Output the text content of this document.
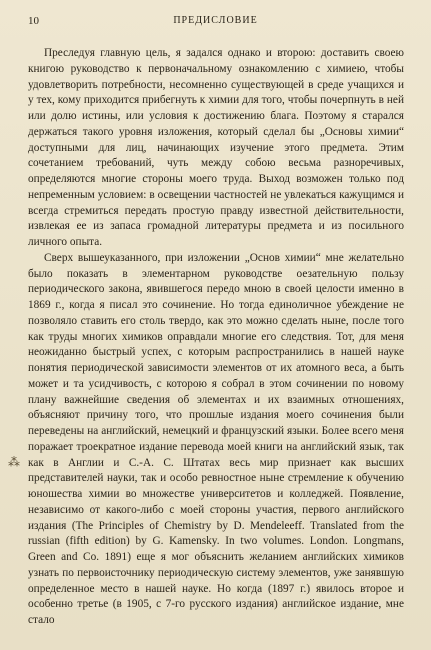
10	ПРЕДИСЛОВИЕ

Преследуя главную цель, я задался однако и второю: доставить своею книгою руководство к первоначальному ознакомлению с химиею, чтобы удовлетворить потребности, несомненно существующей в среде учащихся и у тех, кому приходится прибегнуть к химии для того, чтобы почерпнуть в ней или долю истины, или условия к достижению блага. Поэтому я старался держаться такого уровня изложения, который сделал бы „Основы химии“ доступными для лиц, начинающих изучение этого предмета. Этим сочетанием требований, чуть между собою весьма разноречивых, определяются многие стороны моего труда. Выход возможен только под непременным условием: в освещении частностей не увлекаться кажущимся и всегда стремиться передать простую правду известной действительности, извлекая ее из запаса громадной литературы предмета и из посильного личного опыта.

Сверх вышеуказанного, при изложении „Основ химии“ мне желательно было показать в элементарном руководстве оезательную пользу периодического закона, явившегося передо мною в своей целости именно в 1869 г., когда я писал это сочинение. Но тогда единоличное убеждение не позволяло ставить его столь твердо, как это можно сделать ныне, после того как труды многих химиков оправдали многие его следствия. Тот, для меня неожиданно быстрый успех, с которым распространились в нашей науке понятия периодической зависимости элементов от их атомного веса, а быть может и та усидчивость, с которою я собрал в этом сочинении по новому плану важнейшие сведения об элементах и их взаимных отношениях, объясняют причину того, что прошлые издания моего сочинения были переведены на английский, немецкий и французский языки. Более всего меня поражает троекратное издание перевода моей книги на английский язык, так как в Англии и С.-А. С. Штатах весь мир признает как высших представителей науки, так и особо ревностное ныне стремление к обучению юношества химии во множестве университетов и колледжей. Появление, независимо от какого-либо с моей стороны участия, первого английского издания (The Principles of Chemistry by D. Mendeleeff. Translated from the russian (fifth edition) by G. Kamensky. In two volumes. London. Longmans, Green and Co. 1891) еще я мог объяснить желанием английских химиков узнать по первоисточнику периодическую систему элементов, уже занявшую определенное место в нашей науке. Но когда (1897 г.) явилось второе и особенно третье (в 1905, с 7-го русского издания) английское издание, мне стало

⁂
